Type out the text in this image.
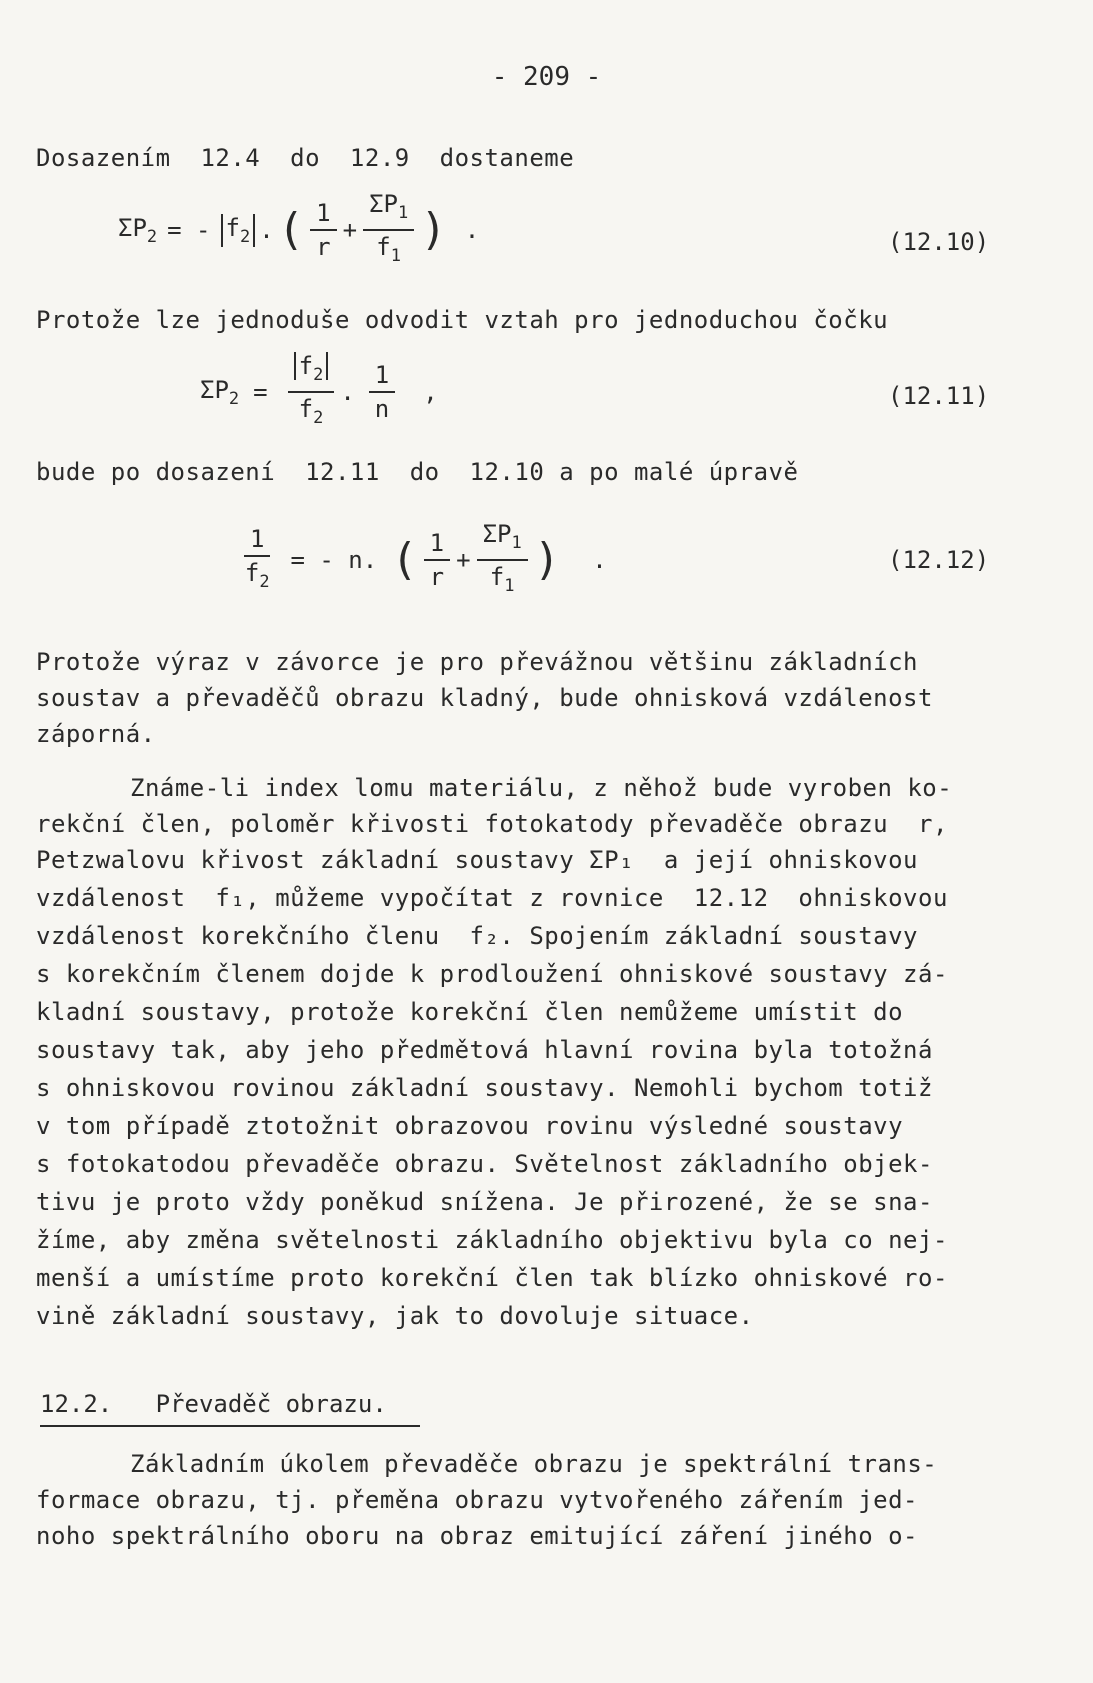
- 209 -
Dosazením  12.4  do  12.9  dostaneme
$\Sigma P_2$ = - $f_2$ . ( $\frac{1}{r} + \frac{\Sigma P_1}{f_1}$ ) .	(12.10)
Protože lze jednoduše odvodit vztah pro jednoduchou čočku
$\Sigma P_2 = \frac{f_2}{f_2}$ . $\frac{1}{n}$ ,	(12.11)
bude po dosazení  12.11  do  12.10 a po malé úpravě
$\frac{1}{f_2}$ = - n. ( $\frac{1}{r} + \frac{\Sigma P_1}{f_1}$ ) .	(12.12)
Protože výraz v závorce je pro převážnou většinu základních
soustav a převaděčů obrazu kladný, bude ohnisková vzdálenost
záporná.
Známe-li index lomu materiálu, z něhož bude vyroben ko-
rekční člen, poloměr křivosti fotokatody převaděče obrazu  r,
Petzwalovu křivost základní soustavy ΣP₁  a její ohniskovou
vzdálenost  f₁, můžeme vypočítat z rovnice  12.12  ohniskovou
vzdálenost korekčního členu  f₂. Spojením základní soustavy
s korekčním členem dojde k prodloužení ohniskové soustavy zá-
kladní soustavy, protože korekční člen nemůžeme umístit do
soustavy tak, aby jeho předmětová hlavní rovina byla totožná
s ohniskovou rovinou základní soustavy. Nemohli bychom totiž
v tom případě ztotožnit obrazovou rovinu výsledné soustavy
s fotokatodou převaděče obrazu. Světelnost základního objek-
tivu je proto vždy poněkud snížena. Je přirozené, že se sna-
žíme, aby změna světelnosti základního objektivu byla co nej-
menší a umístíme proto korekční člen tak blízko ohniskové ro-
vině základní soustavy, jak to dovoluje situace.
12.2.   Převaděč obrazu.
Základním úkolem převaděče obrazu je spektrální trans-
formace obrazu, tj. přeměna obrazu vytvořeného zářením jed-
noho spektrálního oboru na obraz emitující záření jiného o-
